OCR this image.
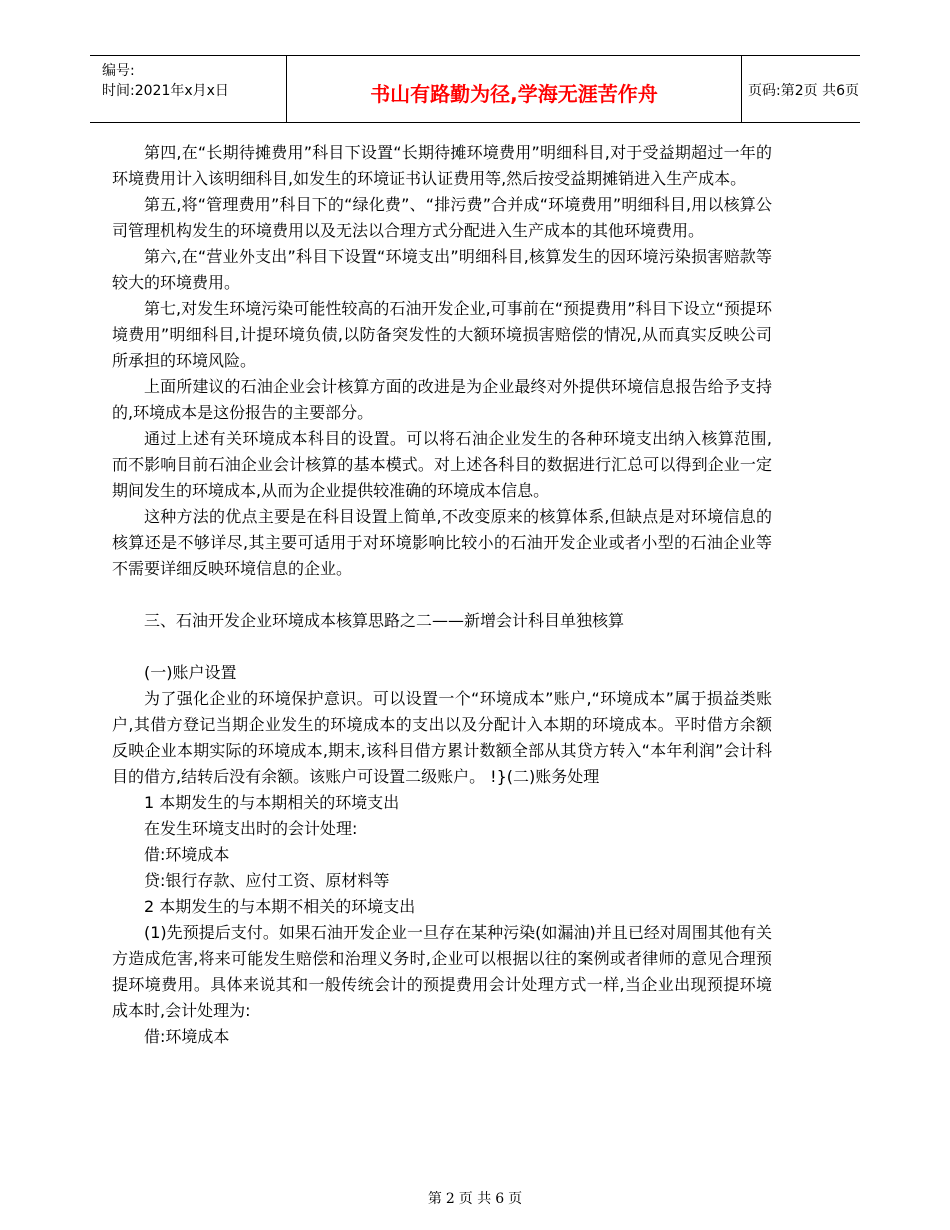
编号:
时间:2021年x月x日	书山有路勤为径,学海无涯苦作舟	页码:第2页 共6页

第四,在“长期待摊费用”科目下设置“长期待摊环境费用”明细科目,对于受益期超过一年的环境费用计入该明细科目,如发生的环境证书认证费用等,然后按受益期摊销进入生产成本。

第五,将“管理费用”科目下的“绿化费”、“排污费”合并成“环境费用”明细科目,用以核算公司管理机构发生的环境费用以及无法以合理方式分配进入生产成本的其他环境费用。

第六,在“营业外支出”科目下设置“环境支出”明细科目,核算发生的因环境污染损害赔款等较大的环境费用。

第七,对发生环境污染可能性较高的石油开发企业,可事前在“预提费用”科目下设立“预提环境费用”明细科目,计提环境负债,以防备突发性的大额环境损害赔偿的情况,从而真实反映公司所承担的环境风险。

上面所建议的石油企业会计核算方面的改进是为企业最终对外提供环境信息报告给予支持的,环境成本是这份报告的主要部分。

通过上述有关环境成本科目的设置。可以将石油企业发生的各种环境支出纳入核算范围,而不影响目前石油企业会计核算的基本模式。对上述各科目的数据进行汇总可以得到企业一定期间发生的环境成本,从而为企业提供较准确的环境成本信息。

这种方法的优点主要是在科目设置上简单,不改变原来的核算体系,但缺点是对环境信息的核算还是不够详尽,其主要可适用于对环境影响比较小的石油开发企业或者小型的石油企业等不需要详细反映环境信息的企业。

三、石油开发企业环境成本核算思路之二——新增会计科目单独核算

(一)账户设置

为了强化企业的环境保护意识。可以设置一个“环境成本”账户,“环境成本”属于损益类账户,其借方登记当期企业发生的环境成本的支出以及分配计入本期的环境成本。平时借方余额反映企业本期实际的环境成本,期末,该科目借方累计数额全部从其贷方转入“本年利润”会计科目的借方,结转后没有余额。该账户可设置二级账户。 !}(二)账务处理

1 本期发生的与本期相关的环境支出

在发生环境支出时的会计处理:

借:环境成本

贷:银行存款、应付工资、原材料等

2 本期发生的与本期不相关的环境支出

(1)先预提后支付。如果石油开发企业一旦存在某种污染(如漏油)并且已经对周围其他有关方造成危害,将来可能发生赔偿和治理义务时,企业可以根据以往的案例或者律师的意见合理预提环境费用。具体来说其和一般传统会计的预提费用会计处理方式一样,当企业出现预提环境成本时,会计处理为:

借:环境成本

第 2 页 共 6 页
